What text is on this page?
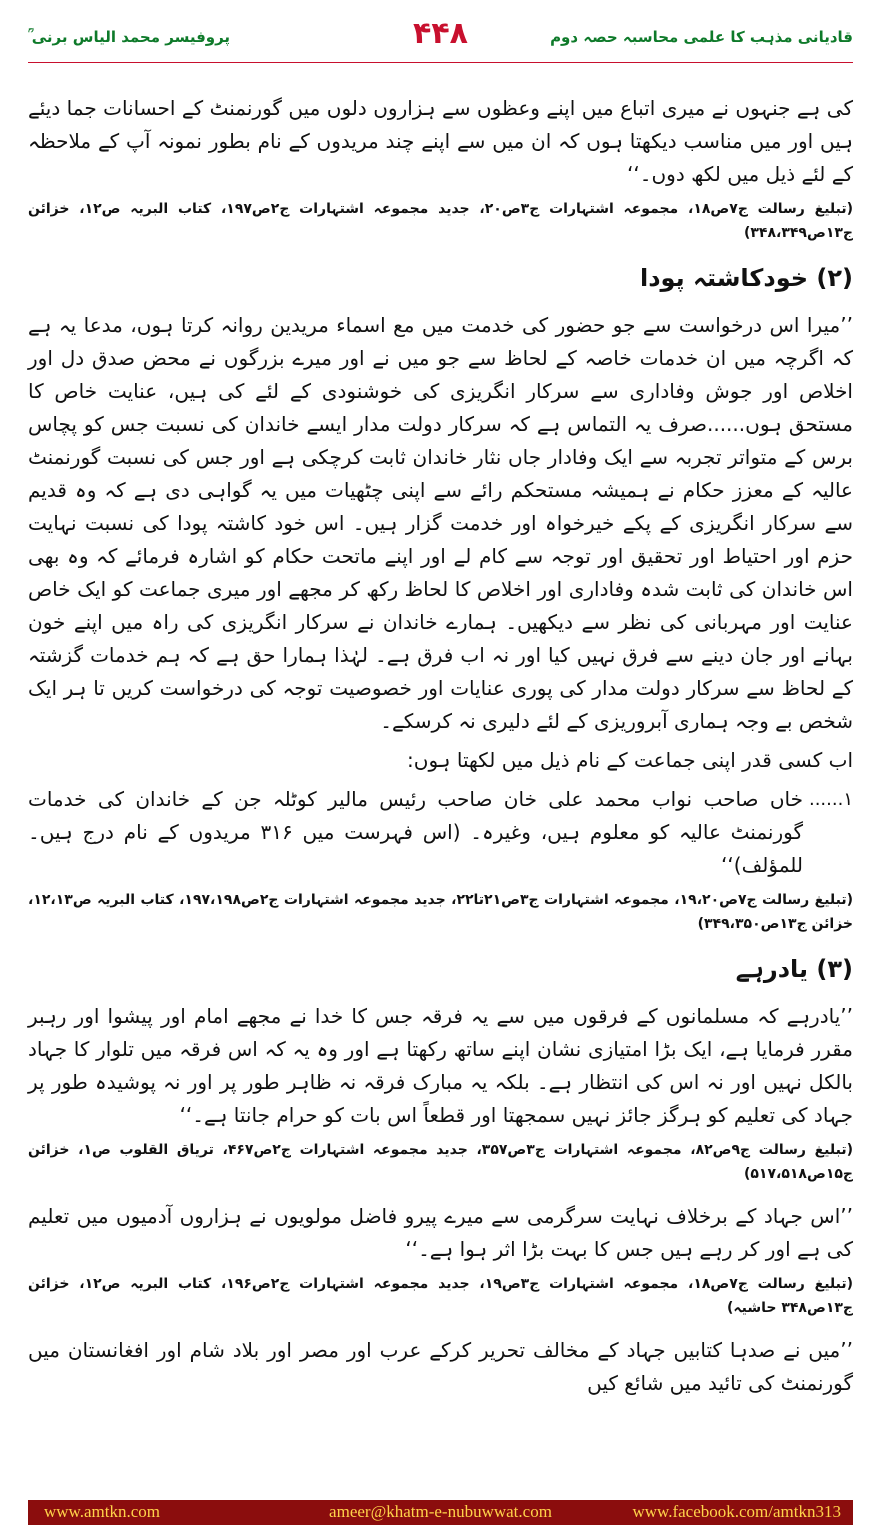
پروفیسر محمد الیاس برنی ؒ	۴۴۸	قادیانی مذہب کا علمی محاسبہ حصہ دوم

کی ہے جنہوں نے میری اتباع میں اپنے وعظوں سے ہزاروں دلوں میں گورنمنٹ کے احسانات جما دیئے ہیں اور میں مناسب دیکھتا ہوں کہ ان میں سے اپنے چند مریدوں کے نام بطور نمونہ آپ کے ملاحظہ کے لئے ذیل میں لکھ دوں۔‘‘

(تبلیغ رسالت ج۷ص۱۸، مجموعہ اشتہارات ج۳ص۲۰، جدید مجموعہ اشتہارات ج۲ص۱۹۷، کتاب البریہ ص۱۲، خزائن ج۱۳ص۳۴۸،۳۴۹)

(۲) خودکاشتہ پودا

’’میرا اس درخواست سے جو حضور کی خدمت میں مع اسماء مریدین روانہ کرتا ہوں، مدعا یہ ہے کہ اگرچہ میں ان خدمات خاصہ کے لحاظ سے جو میں نے اور میرے بزرگوں نے محض صدق دل اور اخلاص اور جوش وفاداری سے سرکار انگریزی کی خوشنودی کے لئے کی ہیں، عنایت خاص کا مستحق ہوں......صرف یہ التماس ہے کہ سرکار دولت مدار ایسے خاندان کی نسبت جس کو پچاس برس کے متواتر تجربہ سے ایک وفادار جاں نثار خاندان ثابت کرچکی ہے اور جس کی نسبت گورنمنٹ عالیہ کے معزز حکام نے ہمیشہ مستحکم رائے سے اپنی چٹھیات میں یہ گواہی دی ہے کہ وہ قدیم سے سرکار انگریزی کے پکے خیرخواہ اور خدمت گزار ہیں۔ اس خود کاشتہ پودا کی نسبت نہایت حزم اور احتیاط اور تحقیق اور توجہ سے کام لے اور اپنے ماتحت حکام کو اشارہ فرمائے کہ وہ بھی اس خاندان کی ثابت شدہ وفاداری اور اخلاص کا لحاظ رکھ کر مجھے اور میری جماعت کو ایک خاص عنایت اور مہربانی کی نظر سے دیکھیں۔ ہمارے خاندان نے سرکار انگریزی کی راہ میں اپنے خون بہانے اور جان دینے سے فرق نہیں کیا اور نہ اب فرق ہے۔ لہٰذا ہمارا حق ہے کہ ہم خدمات گزشتہ کے لحاظ سے سرکار دولت مدار کی پوری عنایات اور خصوصیت توجہ کی درخواست کریں تا ہر ایک شخص بے وجہ ہماری آبروریزی کے لئے دلیری نہ کرسکے۔

اب کسی قدر اپنی جماعت کے نام ذیل میں لکھتا ہوں:

۱......
خاں صاحب نواب محمد علی خان صاحب رئیس مالیر کوٹلہ جن کے خاندان کی خدمات گورنمنٹ عالیہ کو معلوم ہیں، وغیرہ۔ (اس فہرست میں ۳۱۶ مریدوں کے نام درج ہیں۔ للمؤلف)‘‘

(تبلیغ رسالت ج۷ص۱۹،۲۰، مجموعہ اشتہارات ج۳ص۲۱تا۲۲، جدید مجموعہ اشتہارات ج۲ص۱۹۷،۱۹۸، کتاب البریہ ص۱۲،۱۳، خزائن ج۱۳ص۳۴۹،۳۵۰)

(۳) یادرہے

’’یادرہے کہ مسلمانوں کے فرقوں میں سے یہ فرقہ جس کا خدا نے مجھے امام اور پیشوا اور رہبر مقرر فرمایا ہے، ایک بڑا امتیازی نشان اپنے ساتھ رکھتا ہے اور وہ یہ کہ اس فرقہ میں تلوار کا جہاد بالکل نہیں اور نہ اس کی انتظار ہے۔ بلکہ یہ مبارک فرقہ نہ ظاہر طور پر اور نہ پوشیدہ طور پر جہاد کی تعلیم کو ہرگز جائز نہیں سمجھتا اور قطعاً اس بات کو حرام جانتا ہے۔‘‘

(تبلیغ رسالت ج۹ص۸۲، مجموعہ اشتہارات ج۳ص۳۵۷، جدید مجموعہ اشتہارات ج۲ص۴۶۷، تریاق القلوب ص۱، خزائن ج۱۵ص۵۱۷،۵۱۸)

’’اس جہاد کے برخلاف نہایت سرگرمی سے میرے پیرو فاضل مولویوں نے ہزاروں آدمیوں میں تعلیم کی ہے اور کر رہے ہیں جس کا بہت بڑا اثر ہوا ہے۔‘‘

(تبلیغ رسالت ج۷ص۱۸، مجموعہ اشتہارات ج۳ص۱۹، جدید مجموعہ اشتہارات ج۲ص۱۹۶، کتاب البریہ ص۱۲، خزائن ج۱۳ص۳۴۸ حاشیہ)

’’میں نے صدہا کتابیں جہاد کے مخالف تحریر کرکے عرب اور مصر اور بلاد شام اور افغانستان میں گورنمنٹ کی تائید میں شائع کیں

www.amtkn.com	ameer@khatm-e-nubuwwat.com	www.facebook.com/amtkn313
